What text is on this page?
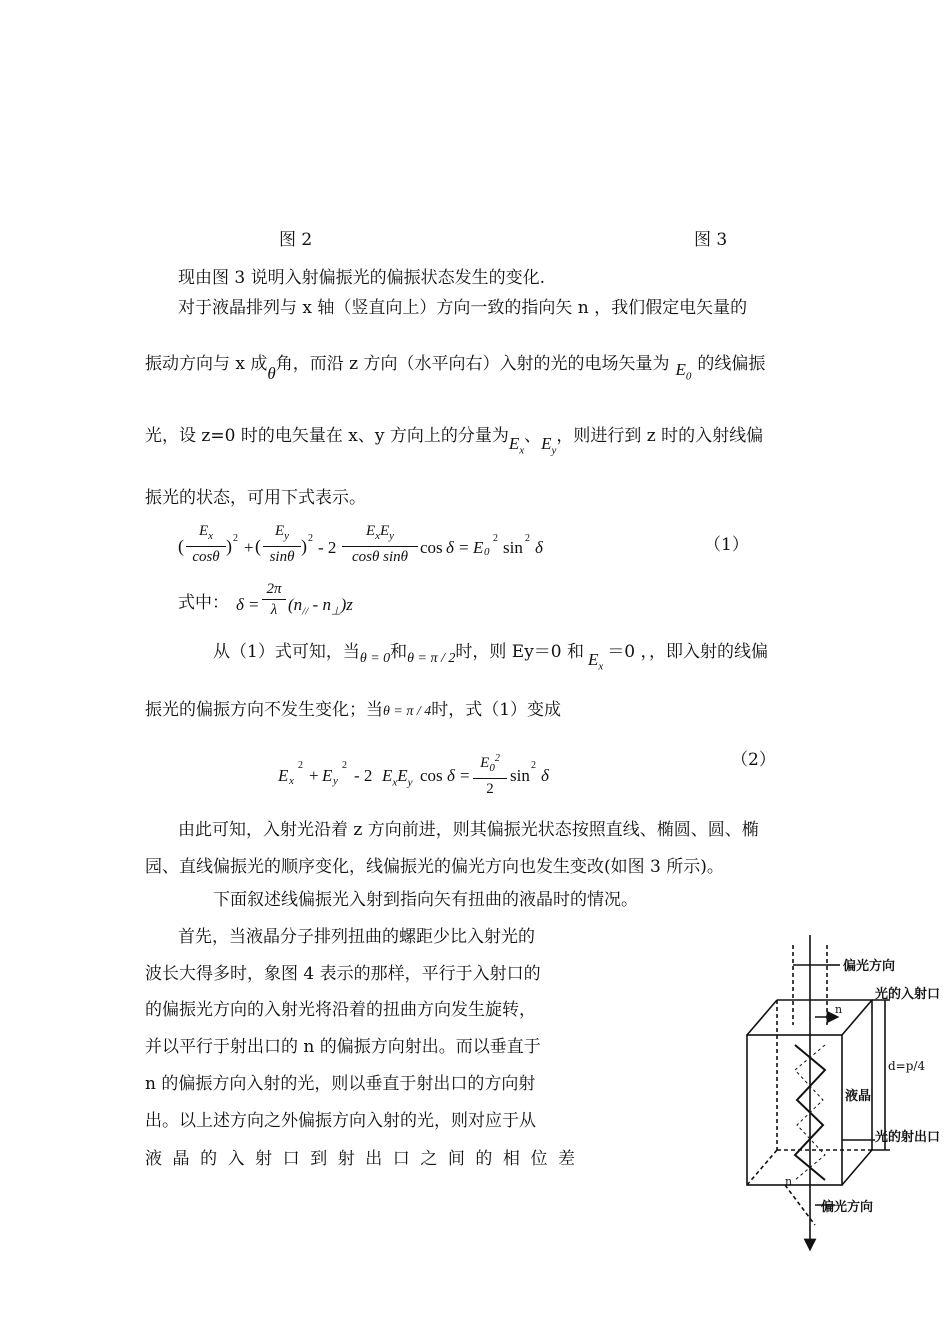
图 2	图 3
现由图 3 说明入射偏振光的偏振状态发生的变化.
对于液晶排列与 x 轴（竖直向上）方向一致的指向矢 n ，我们假定电矢量的
振动方向与 x 成θ角，而沿 z 方向（水平向右）入射的光的电场矢量为 $E_0$的线偏振
光，设 z=0 时的电矢量在 x、y 方向上的分量为$E_x$、$E_y$，则进行到 z 时的入射线偏
振光的状态，可用下式表示。
(
$E_x$
cosθ
) 2 + (
$E_y$
sinθ
) 2 - 2
$E_xE_y$
cosθ sinθ cos δ = E 0
2 sin 2 δ	（1）
式中： δ =
2π
λ $(n_{//} - n_\perp)z$
从（1）式可知，当$_{\theta = 0}$和$_{\theta = \pi / 2}$时，则 Ey＝0 和 $E_x=0$ ，，即入射的线偏
振光的偏振方向不发生变化；当θ = π / 4时，式（1）变成
E x
2
+ E y
2
- 2 $E_xE_y$ cos δ =
$E_0^2$
2
sin
2
δ
（2）
由此可知，入射光沿着 z 方向前进，则其偏振光状态按照直线、椭圆、圆、椭
园、直线偏振光的顺序变化，线偏振光的偏光方向也发生变改(如图 3 所示)。
下面叙述线偏振光入射到指向矢有扭曲的液晶时的情况。
首先，当液晶分子排列扭曲的螺距少比入射光的
波长大得多时，象图 4 表示的那样，平行于入射口的
的偏振光方向的入射光将沿着的扭曲方向发生旋转，
并以平行于射出口的 n 的偏振方向射出。而以垂直于
n 的偏振方向入射的光，则以垂直于射出口的方向射
出。以上述方向之外偏振方向入射的光，则对应于从
液 晶 的 入 射 口 到 射 出 口 之 间 的 相 位 差
偏光方向
光的入射口
n
d=p/4
液晶
光的射出口
n
偏光方向
